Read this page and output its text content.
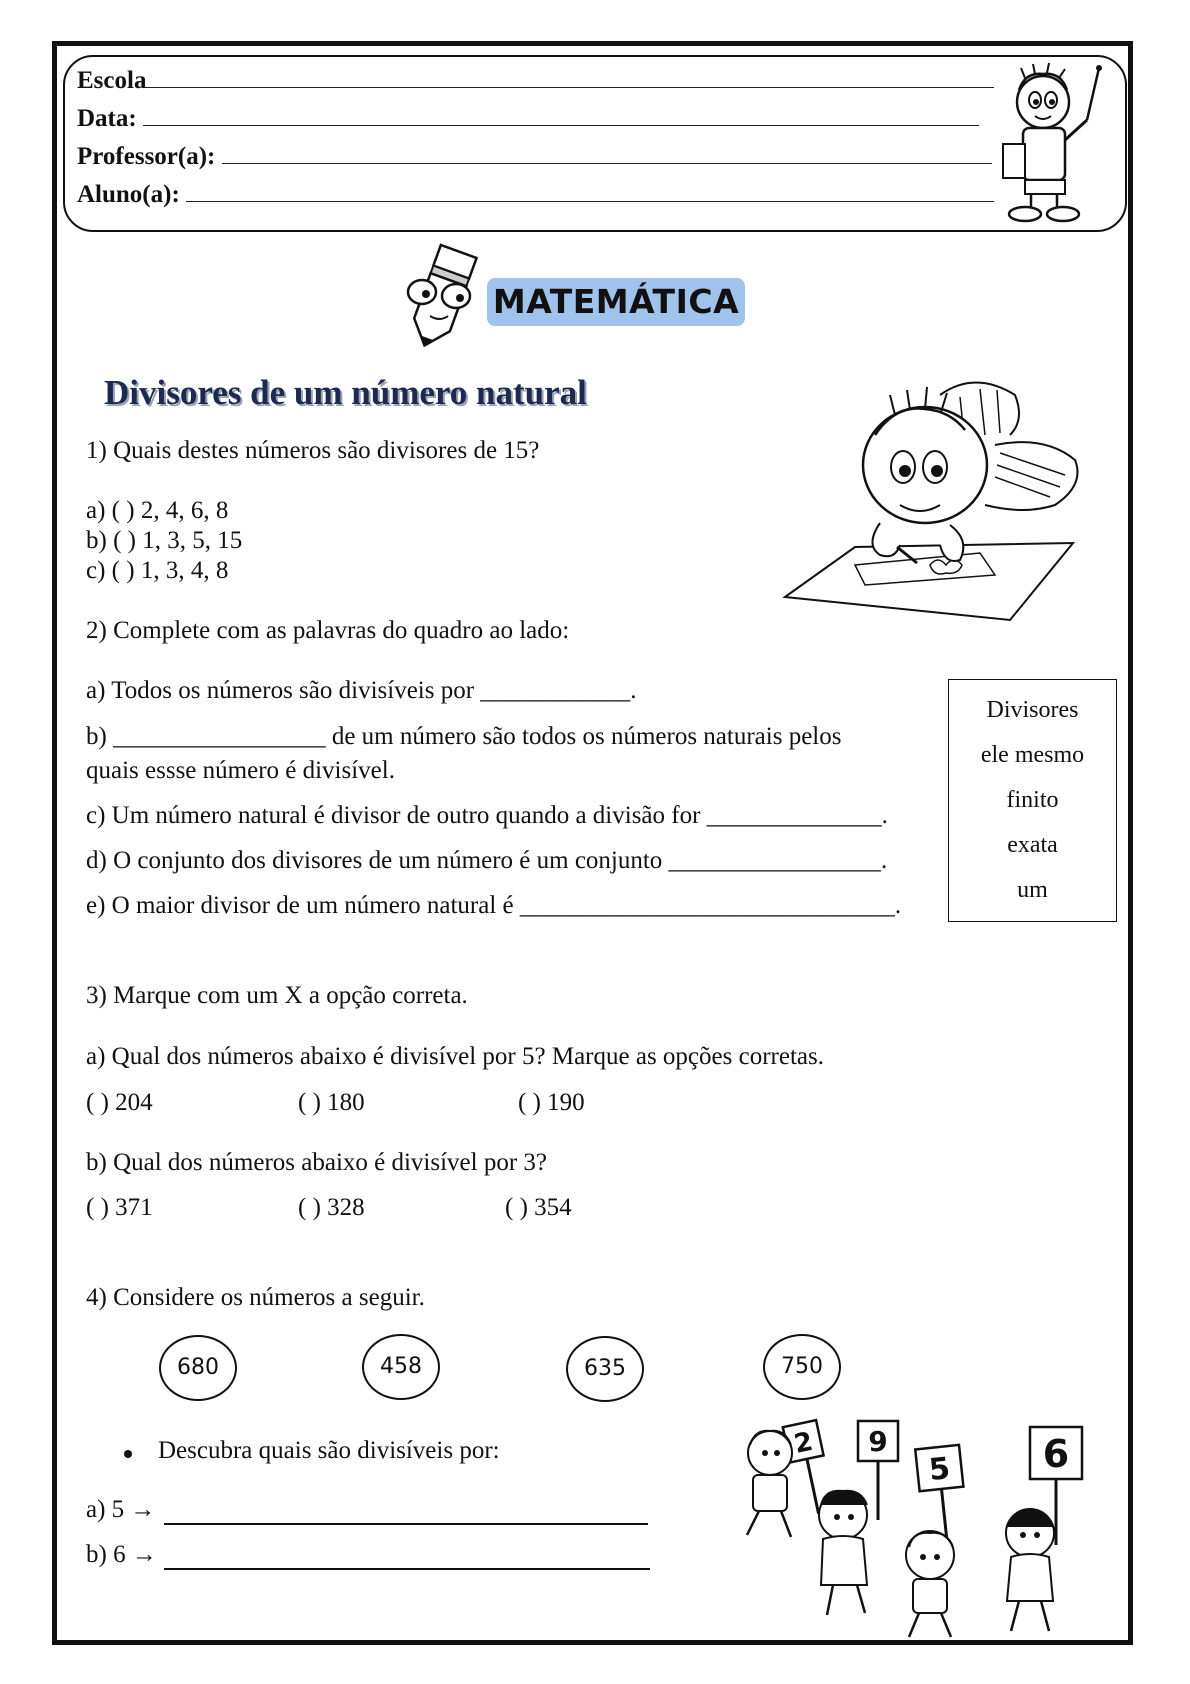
Escola
Data:
Professor(a):
Aluno(a):
MATEMÁTICA
Divisores de um número natural
1) Quais destes números são divisores de 15?
a) ( ) 2, 4, 6, 8
b) ( ) 1, 3, 5, 15
c) ( ) 1, 3, 4, 8
2) Complete com as palavras do quadro ao lado:
a) Todos os números são divisíveis por ____________.
b) _________________ de um número são todos os números naturais pelos
quais essse número é divisível.
c) Um número natural é divisor de outro quando a divisão for ______________.
d) O conjunto dos divisores de um número é um conjunto _________________.
e) O maior divisor de um número natural é ______________________________.
Divisores
ele mesmo
finito
exata
um
3) Marque com um X a opção correta.
a) Qual dos números abaixo é divisível por 5? Marque as opções corretas.
( ) 204	( ) 180	( ) 190
b) Qual dos números abaixo é divisível por 3?
( ) 371	( ) 328	( ) 354
4) Considere os números a seguir.
680	458	635	750
Descubra quais são divisíveis por:
a) 5 →
b) 6 →
2 9
5 6
